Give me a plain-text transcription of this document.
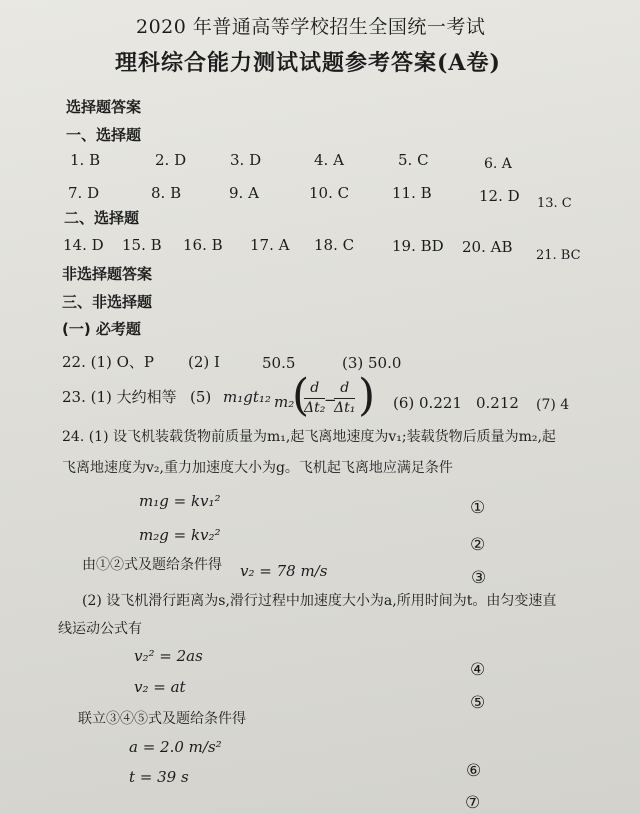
2020 年普通高等学校招生全国统一考试
理科综合能力测试试题参考答案(A卷)
选择题答案
一、选择题
1. B	2. D	3. D	4. A	5. C	6. A
7. D	8. B	9. A	10. C	11. B	12. D 13. C
二、选择题
14. D 15. B 16. B 17. A 18. C	19. BD 20. AB 21. BC
非选择题答案
三、非选择题
(一) 必考题
22. (1) O、P (2) I	50.5	(3) 50.0
23. (1) 大约相等 (5) m₁gt₁₂ m₂
( d
Δt₂
−
d
Δt₁ ) (6) 0.221 0.212 (7) 4
24. (1) 设飞机装载货物前质量为m₁,起飞离地速度为v₁;装载货物后质量为m₂,起
飞离地速度为v₂,重力加速度大小为g。飞机起飞离地应满足条件
m₁g = kv₁²	①
m₂g = kv₂²	②
由①②式及题给条件得 v₂ = 78 m/s	③
(2) 设飞机滑行距离为s,滑行过程中加速度大小为a,所用时间为t。由匀变速直
线运动公式有
v₂² = 2as
④
v₂ = at
⑤
联立③④⑤式及题给条件得
a = 2.0 m/s²
⑥
t = 39 s
⑦
